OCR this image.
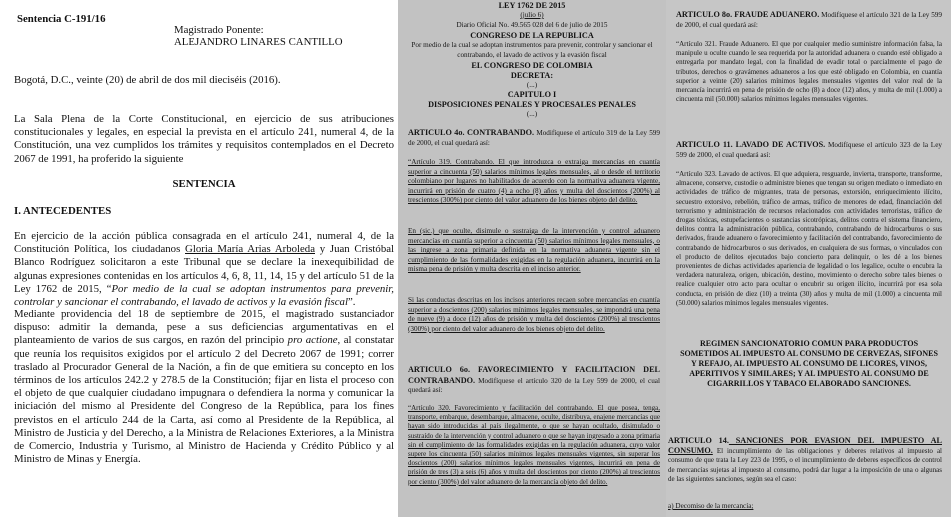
Sentencia C-191/16
Magistrado Ponente:
ALEJANDRO LINARES CANTILLO
Bogotá, D.C., veinte (20) de abril de dos mil dieciséis (2016).
La Sala Plena de la Corte Constitucional, en ejercicio de sus atribuciones constitucionales y legales, en especial la prevista en el artículo 241, numeral 4, de la Constitución, una vez cumplidos los trámites y requisitos contemplados en el Decreto 2067 de 1991, ha proferido la siguiente
SENTENCIA
I. ANTECEDENTES
En ejercicio de la acción pública consagrada en el artículo 241, numeral 4, de la Constitución Política, los ciudadanos Gloria María Arias Arboleda y Juan Cristóbal Blanco Rodríguez solicitaron a este Tribunal que se declare la inexequibilidad de algunas expresiones contenidas en los artículos 4, 6, 8, 11, 14, 15 y del artículo 51 de la Ley 1762 de 2015, “Por medio de la cual se adoptan instrumentos para prevenir, controlar y sancionar el contrabando, el lavado de activos y la evasión fiscal”.
Mediante providencia del 18 de septiembre de 2015, el magistrado sustanciador dispuso: admitir la demanda, pese a sus deficiencias argumentativas en el planteamiento de varios de sus cargos, en razón del principio pro actione, al constatar que reunía los requisitos exigidos por el artículo 2 del Decreto 2067 de 1991; correr traslado al Procurador General de la Nación, a fin de que emitiera su concepto en los términos de los artículos 242.2 y 278.5 de la Constitución; fijar en lista el proceso con el objeto de que cualquier ciudadano impugnara o defendiera la norma y comunicar la iniciación del mismo al Presidente del Congreso de la República, para los fines previstos en el artículo 244 de la Carta, así como al Presidente de la República, al Ministro de Justicia y del Derecho, a la Ministra de Relaciones Exteriores, a la Ministra de Comercio, Industria y Turismo, al Ministro de Hacienda y Crédito Público y al Ministro de Minas y Energía.
LEY 1762 DE 2015
(julio 6)
Diario Oficial No. 49.565 028 del 6 de julio de 2015
CONGRESO DE LA REPUBLICA
Por medio de la cual se adoptan instrumentos para prevenir, controlar y sancionar el contrabando, el lavado de activos y la evasión fiscal
EL CONGRESO DE COLOMBIA
DECRETA:
(...)
CAPITULO I
DISPOSICIONES PENALES Y PROCESALES PENALES
(...)
ARTICULO 4o. CONTRABANDO. Modifíquese el artículo 319 de la Ley 599 de 2000, el cual quedará así:
“Artículo 319. Contrabando. El que introduzca o extraiga mercancías en cuantía superior a cincuenta (50) salarios mínimos legales mensuales, al o desde el territorio colombiano por lugares no habilitados de acuerdo con la normativa aduanera vigente, incurrirá en prisión de cuatro (4) a ocho (8) años y multa del doscientos (200%) al trescientos (300%) por ciento del valor aduanero de los bienes objeto del delito.
En (sic.) que oculte, disimule o sustraiga de la intervención y control aduanero mercancías en cuantía superior a cincuenta (50) salarios mínimos legales mensuales, o las ingrese a zona primaria definida en la normativa aduanera vigente sin el cumplimiento de las formalidades exigidas en la regulación aduanera, incurrirá en la misma pena de prisión y multa descrita en el inciso anterior.
Si las conductas descritas en los incisos anteriores recaen sobre mercancías en cuantía superior a doscientos (200) salarios mínimos legales mensuales, se impondrá una pena de nueve (9) a doce (12) años de prisión y multa del doscientos (200%) al trescientos (300%) por ciento del valor aduanero de los bienes objeto del delito.
ARTICULO 6o. FAVORECIMIENTO Y FACILITACION DEL CONTRABANDO. Modifíquese el artículo 320 de la Ley 599 de 2000, el cual quedará así:
“Artículo 320. Favorecimiento y facilitación del contrabando. El que posea, tenga, transporte, embarque, desembarque, almacene, oculte, distribuya, enajene mercancías que hayan sido introducidas al país ilegalmente, o que se hayan ocultado, disimulado o sustraído de la intervención y control aduanero o que se hayan ingresado a zona primaria sin el cumplimiento de las formalidades exigidas en la regulación aduanera, cuyo valor supere los cincuenta (50) salarios mínimos legales mensuales vigentes, sin superar los doscientos (200) salarios mínimos legales mensuales vigentes, incurrirá en pena de prisión de tres (3) a seis (6) años y multa del doscientos por ciento (200%) al trescientos por ciento (300%) del valor aduanero de la mercancía objeto del delito.
ARTICULO 8o. FRAUDE ADUANERO. Modifíquese el artículo 321 de la Ley 599 de 2000, el cual quedará así:
“Artículo 321. Fraude Aduanero. El que por cualquier medio suministre información falsa, la manipule u oculte cuando le sea requerida por la autoridad aduanera o cuando esté obligado a entregarla por mandato legal, con la finalidad de evadir total o parcialmente el pago de tributos, derechos o gravámenes aduaneros a los que esté obligado en Colombia, en cuantía superior a veinte (20) salarios mínimos legales mensuales vigentes del valor real de la mercancía incurrirá en pena de prisión de ocho (8) a doce (12) años, y multa de mil (1.000) a cincuenta mil (50.000) salarios mínimos legales mensuales vigentes.
ARTICULO 11. LAVADO DE ACTIVOS. Modifíquese el artículo 323 de la Ley 599 de 2000, el cual quedará así:
“Artículo 323. Lavado de activos. El que adquiera, resguarde, invierta, transporte, transforme, almacene, conserve, custodie o administre bienes que tengan su origen mediato o inmediato en actividades de tráfico de migrantes, trata de personas, extorsión, enriquecimiento ilícito, secuestro extorsivo, rebelión, tráfico de armas, tráfico de menores de edad, financiación del terrorismo y administración de recursos relacionados con actividades terroristas, tráfico de drogas tóxicas, estupefacientes o sustancias sicotrópicas, delitos contra el sistema financiero, delitos contra la administración pública, contrabando, contrabando de hidrocarburos o sus derivados, fraude aduanero o favorecimiento y facilitación del contrabando, favorecimiento de contrabando de hidrocarburos o sus derivados, en cualquiera de sus formas, o vinculados con el producto de delitos ejecutados bajo concierto para delinquir, o les dé a los bienes provenientes de dichas actividades apariencia de legalidad o los legalice, oculte o encubra la verdadera naturaleza, origen, ubicación, destino, movimiento o derecho sobre tales bienes o realice cualquier otro acto para ocultar o encubrir su origen ilícito, incurrirá por esa sola conducta, en prisión de diez (10) a treinta (30) años y multa de mil (1.000) a cincuenta mil (50.000) salarios mínimos legales mensuales vigentes.
REGIMEN SANCIONATORIO COMUN PARA PRODUCTOS SOMETIDOS AL IMPUESTO AL CONSUMO DE CERVEZAS, SIFONES Y REFAJO, AL IMPUESTO AL CONSUMO DE LICORES, VINOS, APERITIVOS Y SIMILARES; Y AL IMPUESTO AL CONSUMO DE CIGARRILLOS Y TABACO ELABORADO SANCIONES.
ARTICULO 14. SANCIONES POR EVASION DEL IMPUESTO AL CONSUMO. El incumplimiento de las obligaciones y deberes relativos al impuesto al consumo de que trata la Ley 223 de 1995, o el incumplimiento de deberes específicos de control de mercancías sujetas al impuesto al consumo, podrá dar lugar a la imposición de una o algunas de las siguientes sanciones, según sea el caso:
a) Decomiso de la mercancía;
